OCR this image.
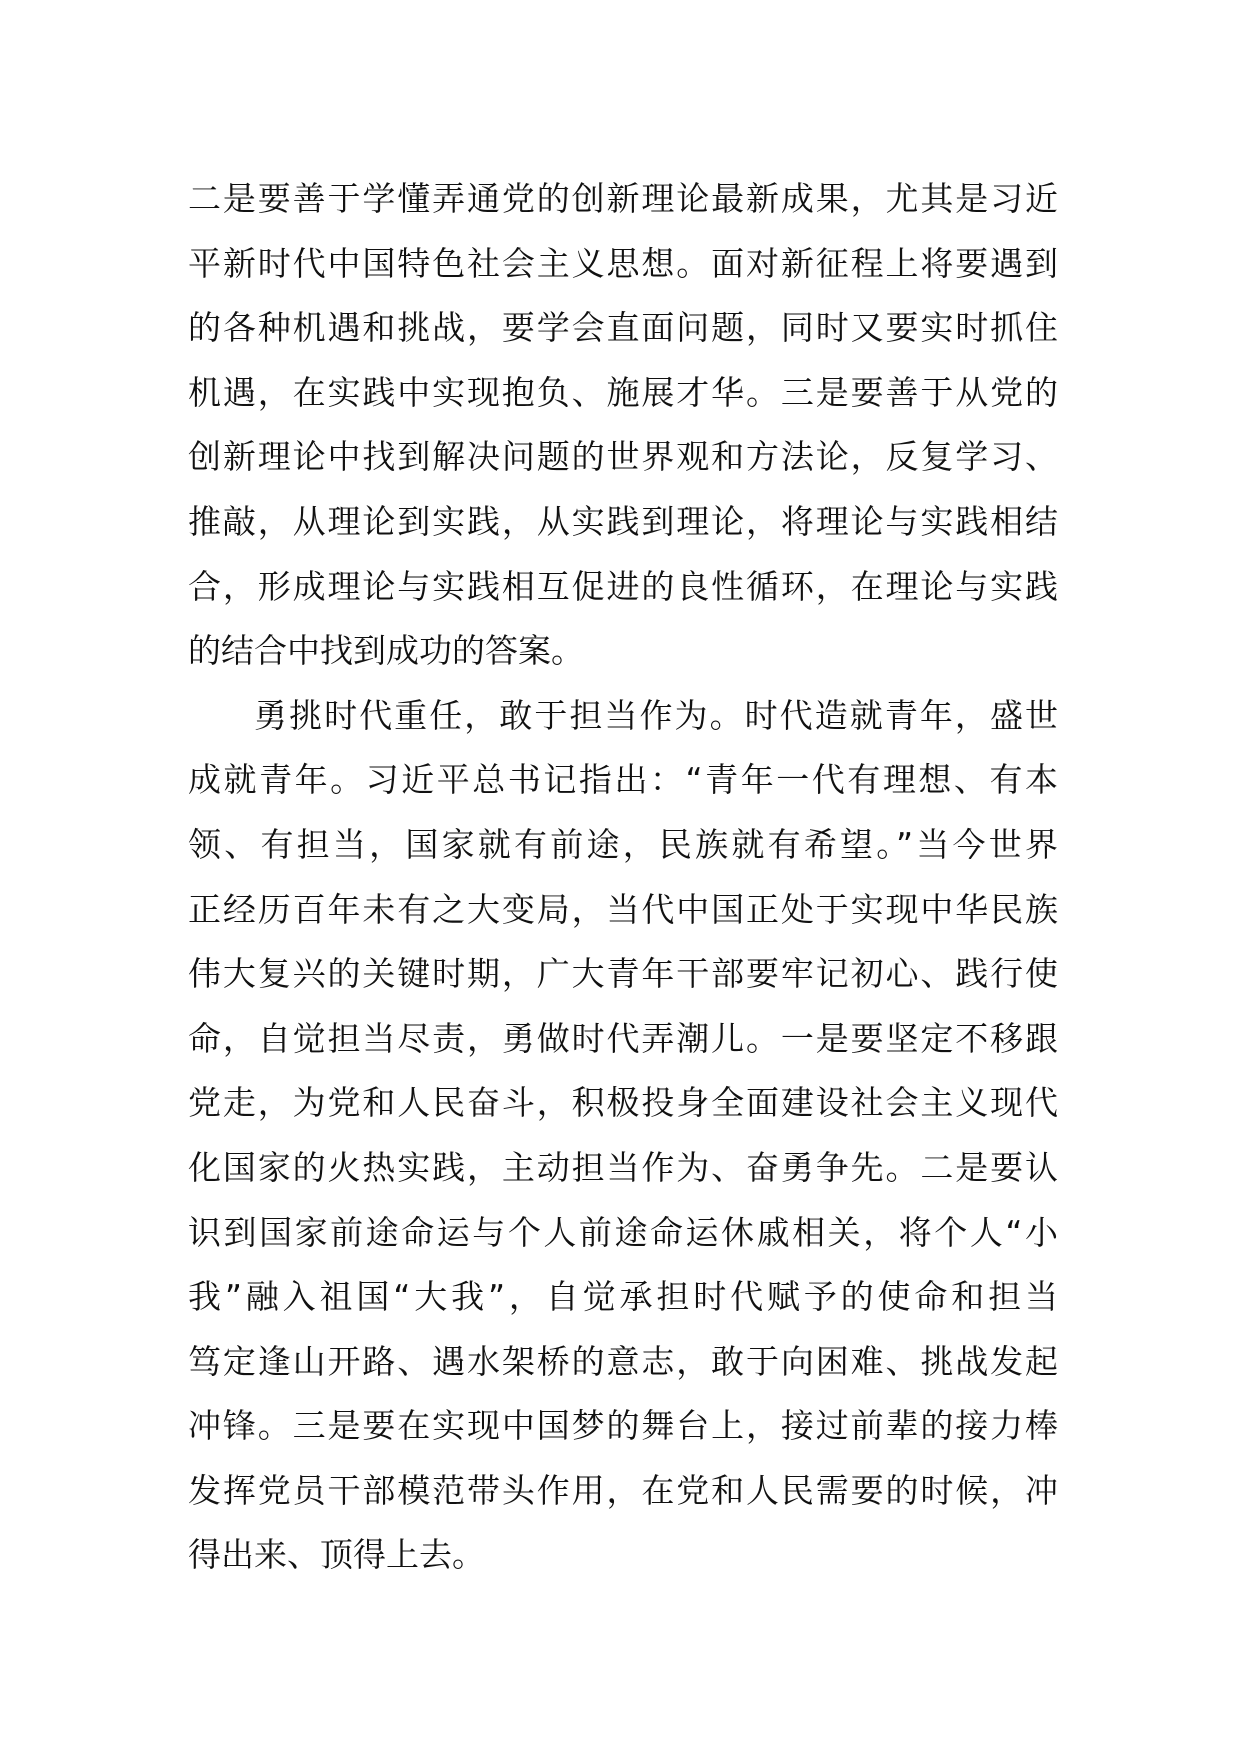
二是要善于学懂弄通党的创新理论最新成果，尤其是习近
平新时代中国特色社会主义思想。面对新征程上将要遇到
的各种机遇和挑战，要学会直面问题，同时又要实时抓住
机遇，在实践中实现抱负、施展才华。三是要善于从党的
创新理论中找到解决问题的世界观和方法论，反复学习、
推敲，从理论到实践，从实践到理论，将理论与实践相结
合，形成理论与实践相互促进的良性循环，在理论与实践
的结合中找到成功的答案。
勇挑时代重任，敢于担当作为。时代造就青年，盛世
成就青年。习近平总书记指出：“青年一代有理想、有本
领、有担当，国家就有前途，民族就有希望。”当今世界
正经历百年未有之大变局，当代中国正处于实现中华民族
伟大复兴的关键时期，广大青年干部要牢记初心、践行使
命，自觉担当尽责，勇做时代弄潮儿。一是要坚定不移跟
党走，为党和人民奋斗，积极投身全面建设社会主义现代
化国家的火热实践，主动担当作为、奋勇争先。二是要认
识到国家前途命运与个人前途命运休戚相关，将个人“小
我”融入祖国“大我”，自觉承担时代赋予的使命和担当
笃定逢山开路、遇水架桥的意志，敢于向困难、挑战发起
冲锋。三是要在实现中国梦的舞台上，接过前辈的接力棒
发挥党员干部模范带头作用，在党和人民需要的时候，冲
得出来、顶得上去。
